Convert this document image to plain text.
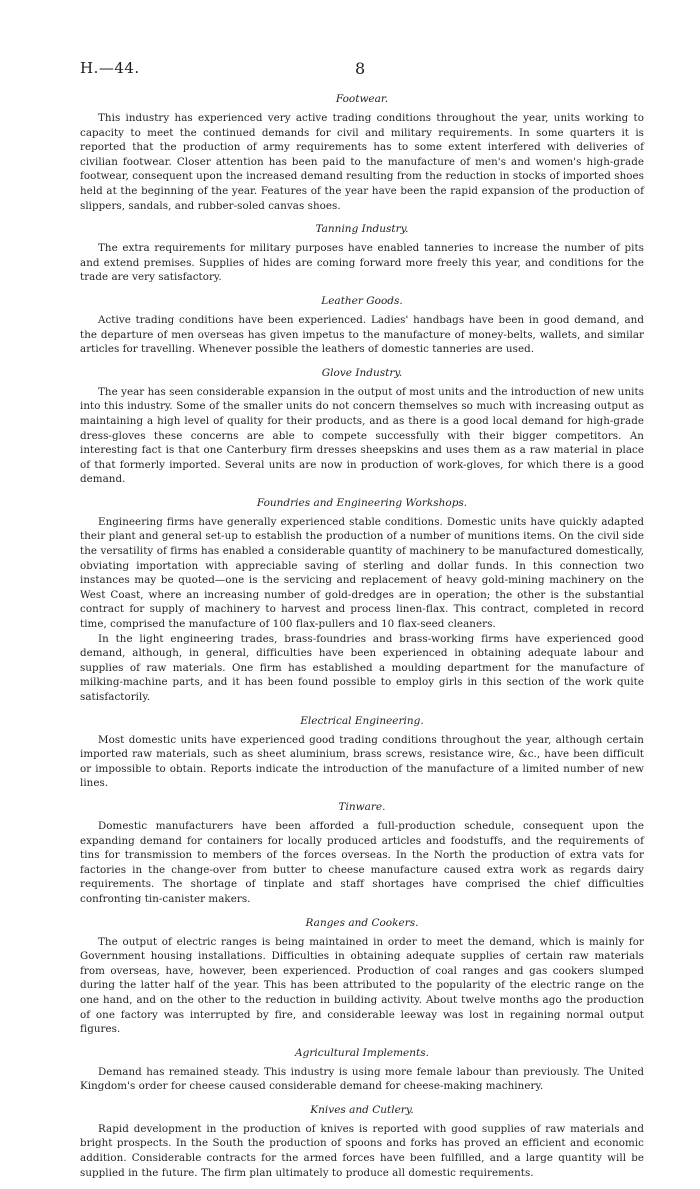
H.—44.	8
Footwear.

This industry has experienced very active trading conditions throughout the year, units working to capacity to meet the continued demands for civil and military requirements. In some quarters it is reported that the production of army requirements has to some extent interfered with deliveries of civilian footwear. Closer attention has been paid to the manufacture of men's and women's high-grade footwear, consequent upon the increased demand resulting from the reduction in stocks of imported shoes held at the beginning of the year. Features of the year have been the rapid expansion of the production of slippers, sandals, and rubber-soled canvas shoes.

Tanning Industry.

The extra requirements for military purposes have enabled tanneries to increase the number of pits and extend premises. Supplies of hides are coming forward more freely this year, and conditions for the trade are very satisfactory.

Leather Goods.

Active trading conditions have been experienced. Ladies' handbags have been in good demand, and the departure of men overseas has given impetus to the manufacture of money-belts, wallets, and similar articles for travelling. Whenever possible the leathers of domestic tanneries are used.

Glove Industry.

The year has seen considerable expansion in the output of most units and the introduction of new units into this industry. Some of the smaller units do not concern themselves so much with increasing output as maintaining a high level of quality for their products, and as there is a good local demand for high-grade dress-gloves these concerns are able to compete successfully with their bigger competitors. An interesting fact is that one Canterbury firm dresses sheepskins and uses them as a raw material in place of that formerly imported. Several units are now in production of work-gloves, for which there is a good demand.

Foundries and Engineering Workshops.

Engineering firms have generally experienced stable conditions. Domestic units have quickly adapted their plant and general set-up to establish the production of a number of munitions items. On the civil side the versatility of firms has enabled a considerable quantity of machinery to be manufactured domestically, obviating importation with appreciable saving of sterling and dollar funds. In this connection two instances may be quoted—one is the servicing and replacement of heavy gold-mining machinery on the West Coast, where an increasing number of gold-dredges are in operation; the other is the substantial contract for supply of machinery to harvest and process linen-flax. This contract, completed in record time, comprised the manufacture of 100 flax-pullers and 10 flax-seed cleaners.

In the light engineering trades, brass-foundries and brass-working firms have experienced good demand, although, in general, difficulties have been experienced in obtaining adequate labour and supplies of raw materials. One firm has established a moulding department for the manufacture of milking-machine parts, and it has been found possible to employ girls in this section of the work quite satisfactorily.

Electrical Engineering.

Most domestic units have experienced good trading conditions throughout the year, although certain imported raw materials, such as sheet aluminium, brass screws, resistance wire, &c., have been difficult or impossible to obtain. Reports indicate the introduction of the manufacture of a limited number of new lines.

Tinware.

Domestic manufacturers have been afforded a full-production schedule, consequent upon the expanding demand for containers for locally produced articles and foodstuffs, and the requirements of tins for transmission to members of the forces overseas. In the North the production of extra vats for factories in the change-over from butter to cheese manufacture caused extra work as regards dairy requirements. The shortage of tinplate and staff shortages have comprised the chief difficulties confronting tin-canister makers.

Ranges and Cookers.

The output of electric ranges is being maintained in order to meet the demand, which is mainly for Government housing installations. Difficulties in obtaining adequate supplies of certain raw materials from overseas, have, however, been experienced. Production of coal ranges and gas cookers slumped during the latter half of the year. This has been attributed to the popularity of the electric range on the one hand, and on the other to the reduction in building activity. About twelve months ago the production of one factory was interrupted by fire, and considerable leeway was lost in regaining normal output figures.

Agricultural Implements.

Demand has remained steady. This industry is using more female labour than previously. The United Kingdom's order for cheese caused considerable demand for cheese-making machinery.

Knives and Cutlery.

Rapid development in the production of knives is reported with good supplies of raw materials and bright prospects. In the South the production of spoons and forks has proved an efficient and economic addition. Considerable contracts for the armed forces have been fulfilled, and a large quantity will be supplied in the future. The firm plan ultimately to produce all domestic requirements.
